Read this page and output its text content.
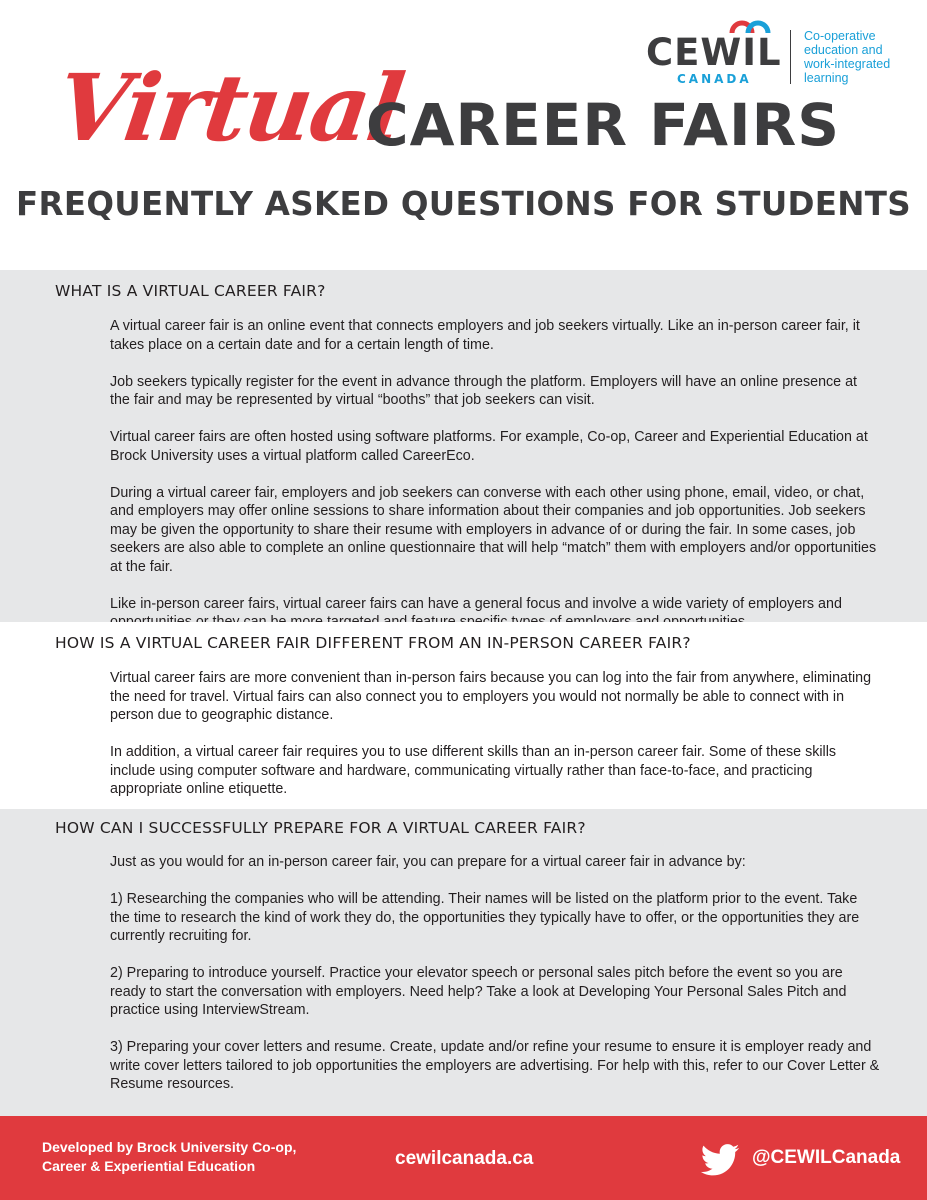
Virtual
CAREER FAIRS
FREQUENTLY ASKED QUESTIONS FOR STUDENTS
CEWIL
CANADA
Co-operative
education and
work-integrated
learning
WHAT IS A VIRTUAL CAREER FAIR?

A virtual career fair is an online event that connects employers and job seekers virtually. Like an in-person career fair, it takes place on a certain date and for a certain length of time.

Job seekers typically register for the event in advance through the platform. Employers will have an online presence at the fair and may be represented by virtual “booths” that job seekers can visit.

Virtual career fairs are often hosted using software platforms. For example, Co-op, Career and Experiential Education at Brock University uses a virtual platform called CareerEco.

During a virtual career fair, employers and job seekers can converse with each other using phone, email, video, or chat, and employers may offer online sessions to share information about their companies and job opportunities. Job seekers may be given the opportunity to share their resume with employers in advance of or during the fair. In some cases, job seekers are also able to complete an online questionnaire that will help “match” them with employers and/or opportunities at the fair.

Like in-person career fairs, virtual career fairs can have a general focus and involve a wide variety of employers and

HOW IS A VIRTUAL CAREER FAIR DIFFERENT FROM AN IN-PERSON CAREER FAIR?

Virtual career fairs are more convenient than in-person fairs because you can log into the fair from anywhere, eliminating the need for travel. Virtual fairs can also connect you to employers you would not normally be able to connect with in person due to geographic distance.

In addition, a virtual career fair requires you to use different skills than an in-person career fair. Some of these skills include using computer software and hardware, communicating virtually rather than face-to-face, and practicing appropriate online etiquette.

HOW CAN I SUCCESSFULLY PREPARE FOR A VIRTUAL CAREER FAIR?

Just as you would for an in-person career fair, you can prepare for a virtual career fair in advance by:

1) Researching the companies who will be attending. Their names will be listed on the platform prior to the event. Take the time to research the kind of work they do, the opportunities they typically have to offer, or the opportunities they are currently recruiting for.

2) Preparing to introduce yourself. Practice your elevator speech or personal sales pitch before the event so you are ready to start the conversation with employers. Need help? Take a look at Developing Your Personal Sales Pitch and practice using InterviewStream.

3) Preparing your cover letters and resume. Create, update and/or refine your resume to ensure it is employer ready and write cover letters tailored to job opportunities the employers are advertising. For help with this, refer to our Cover Letter & Resume resources.

Developed by Brock University Co-op,
Career & Experiential Education	cewilcanada.ca	@CEWILCanada
